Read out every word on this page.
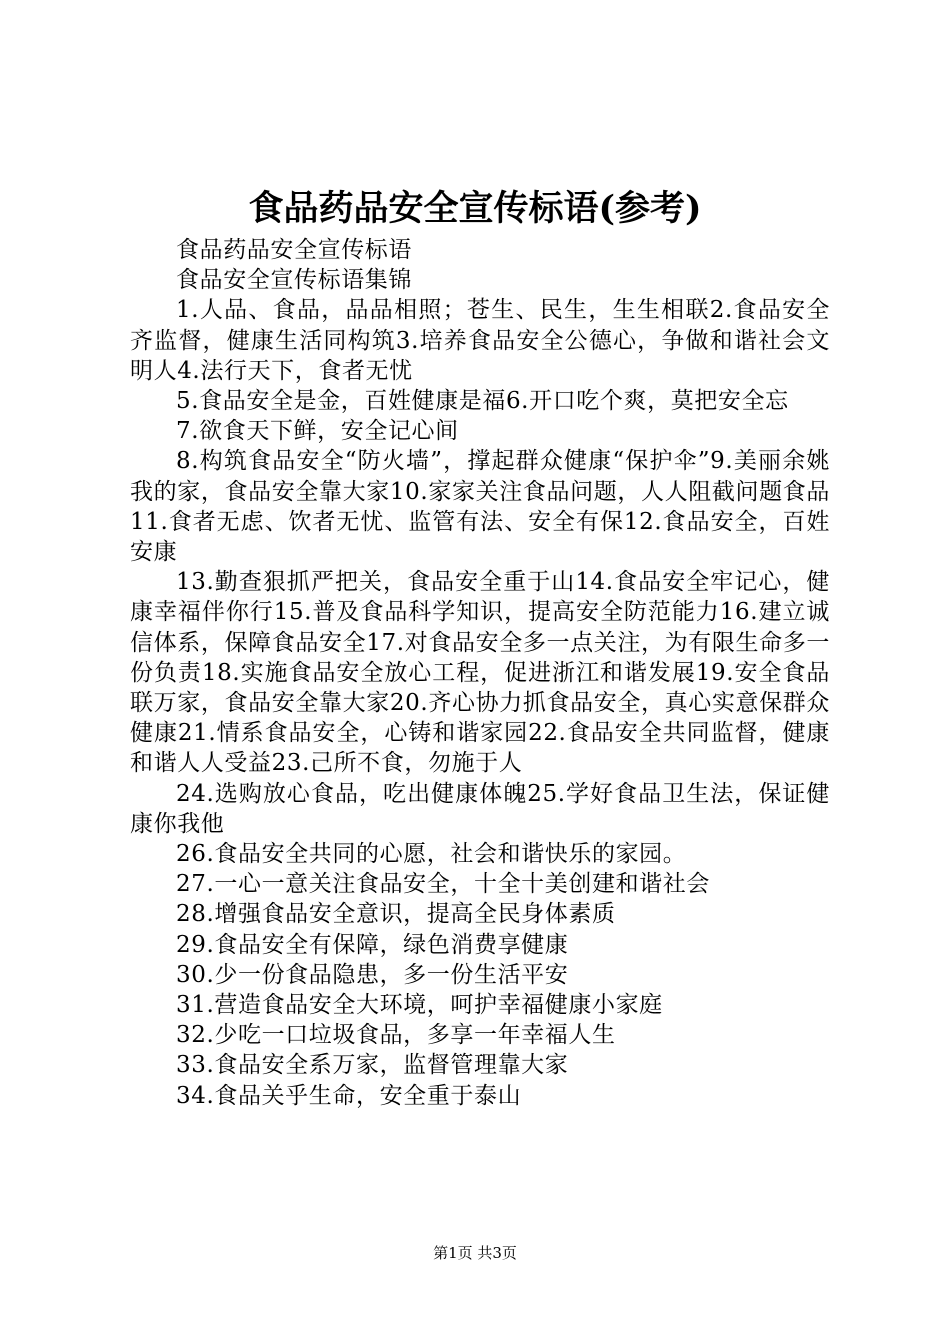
食品药品安全宣传标语(参考)

食品药品安全宣传标语

食品安全宣传标语集锦

1.人品、食品，品品相照；苍生、民生，生生相联2.食品安全齐监督，健康生活同构筑3.培养食品安全公德心，争做和谐社会文明人4.法行天下，食者无忧

5.食品安全是金，百姓健康是福6.开口吃个爽，莫把安全忘

7.欲食天下鲜，安全记心间

8.构筑食品安全“防火墙”，撑起群众健康“保护伞”9.美丽余姚我的家，食品安全靠大家10.家家关注食品问题，人人阻截问题食品11.食者无虑、饮者无忧、监管有法、安全有保12.食品安全，百姓安康

13.勤查狠抓严把关，食品安全重于山14.食品安全牢记心，健康幸福伴你行15.普及食品科学知识，提高安全防范能力16.建立诚信体系，保障食品安全17.对食品安全多一点关注，为有限生命多一份负责18.实施食品安全放心工程，促进浙江和谐发展19.安全食品联万家，食品安全靠大家20.齐心协力抓食品安全，真心实意保群众健康21.情系食品安全，心铸和谐家园22.食品安全共同监督，健康和谐人人受益23.己所不食，勿施于人

24.选购放心食品，吃出健康体魄25.学好食品卫生法，保证健康你我他

26.食品安全共同的心愿，社会和谐快乐的家园。

27.一心一意关注食品安全，十全十美创建和谐社会

28.增强食品安全意识，提高全民身体素质

29.食品安全有保障，绿色消费享健康

30.少一份食品隐患，多一份生活平安

31.营造食品安全大环境，呵护幸福健康小家庭

32.少吃一口垃圾食品，多享一年幸福人生

33.食品安全系万家，监督管理靠大家

34.食品关乎生命，安全重于泰山

第1页 共3页
